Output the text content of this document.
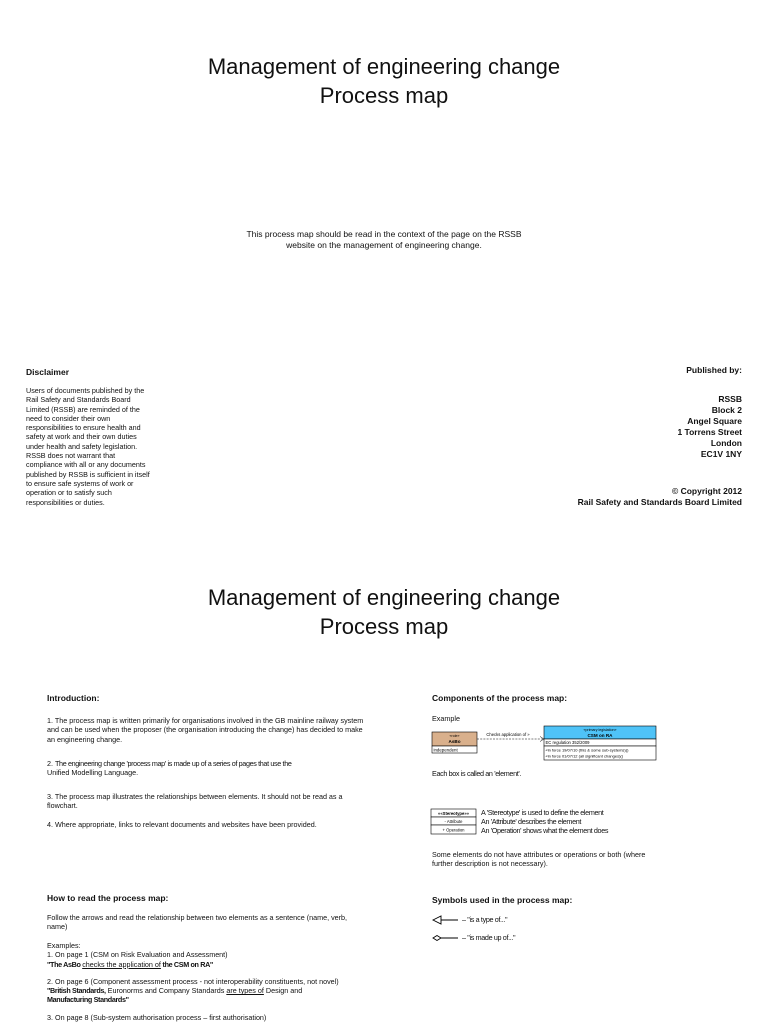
Management of engineering change
Process map
This process map should be read in the context of the page on the RSSB
website on the management of engineering change.
Disclaimer
Users of documents published by the
Rail Safety and Standards Board
Limited (RSSB) are reminded of the
need to consider their own
responsibilities to ensure health and
safety at work and their own duties
under health and safety legislation.
RSSB does not warrant that
compliance with all or any documents
published by RSSB is sufficient in itself
to ensure safe systems of work or
operation or to satisfy such
responsibilities or duties.
Published by:
RSSB
Block 2
Angel Square
1 Torrens Street
London
EC1V 1NY
© Copyright 2012
Rail Safety and Standards Board Limited
Management of engineering change
Process map
Introduction:
1. The process map is written primarily for organisations involved in the GB mainline railway system and can be used when the proposer (the organisation introducing the change) has decided to make an engineering change.
2. The engineering change 'process map' is made up of a series of pages that use the
Unified Modelling Language.
3. The process map illustrates the relationships between elements. It should not be read as a flowchart.
4. Where appropriate, links to relevant documents and websites have been provided.
How to read the process map:
Follow the arrows and read the relationship between two elements as a sentence (name, verb, name)
Examples:
1. On page 1 (CSM on Risk Evaluation and Assessment)
"The AsBo checks the application of the CSM on RA"
2. On page 6 (Component assessment process - not interoperability constituents, not novel)
"British Standards, Euronorms and Company Standards are types of Design and
Manufacturing Standards"
3. On page 8 (Sub-system authorisation process – first authorisation)
Components of the process map:
Example
«role»
AsBo
independent
Checks application of »
«primary legislation»
CSM on RA
EC regulation 352/2009
«in force 19/07/10 (this & some sub-systems)()
«in force 01/07/12 (all significant changes)()
Each box is called an 'element'.
««Stereotype»»
- Attribute
+ Operation
A 'Stereotype' is used to define the element
An 'Attribute' describes the element
An 'Operation' shows what the element does
Some elements do not have attributes or operations or both (where further description is not necessary).
Symbols used in the process map:
– "is a type of..."
– "is made up of..."
